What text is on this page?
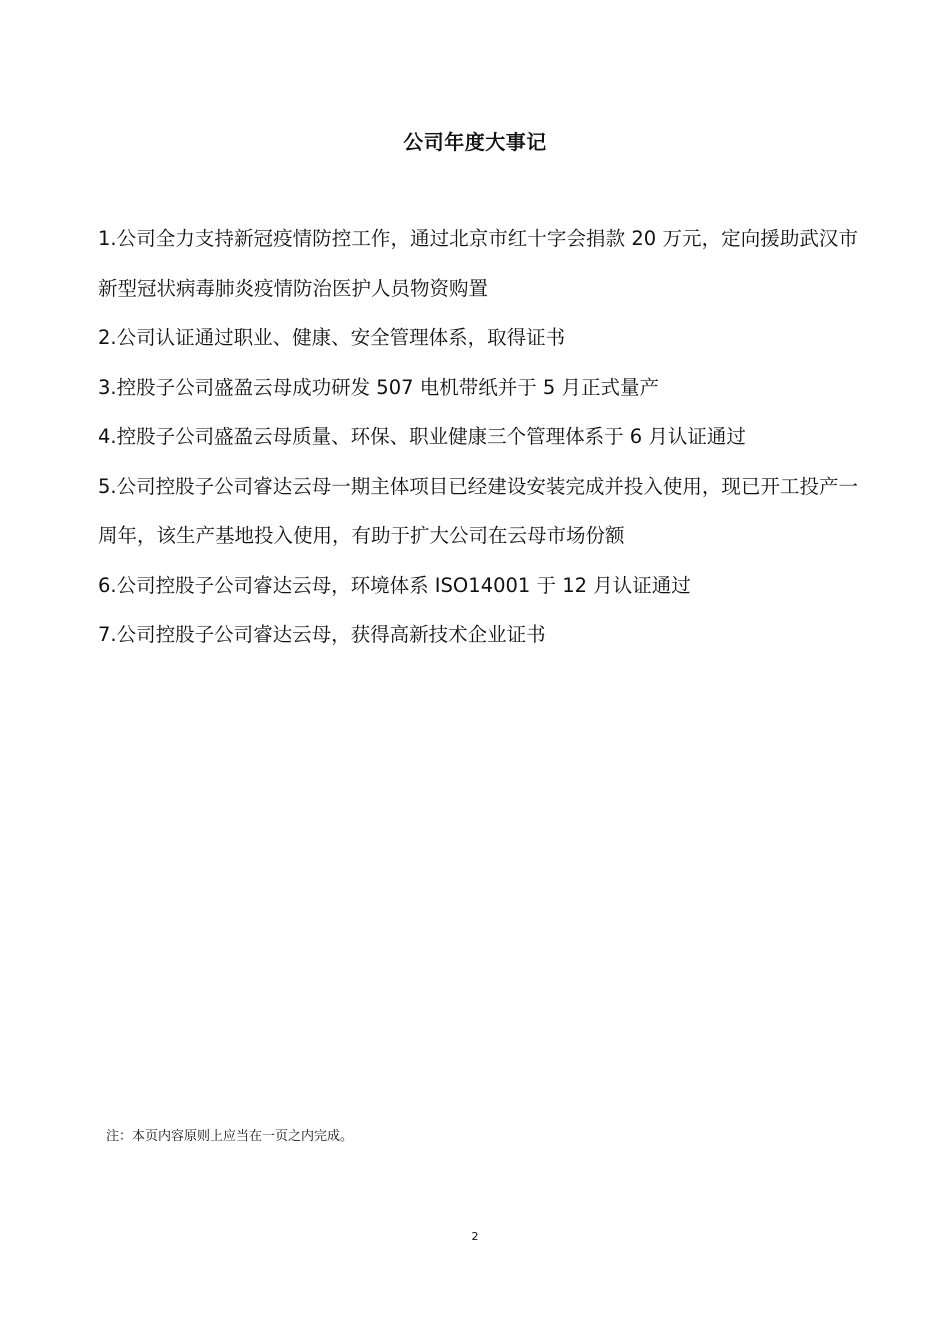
公司年度大事记
1.公司全力支持新冠疫情防控工作，通过北京市红十字会捐款 20 万元，定向援助武汉市新型冠状病毒肺炎疫情防治医护人员物资购置
2.公司认证通过职业、健康、安全管理体系，取得证书
3.控股子公司盛盈云母成功研发 507 电机带纸并于 5 月正式量产
4.控股子公司盛盈云母质量、环保、职业健康三个管理体系于 6 月认证通过
5.公司控股子公司睿达云母一期主体项目已经建设安装完成并投入使用，现已开工投产一周年，该生产基地投入使用，有助于扩大公司在云母市场份额
6.公司控股子公司睿达云母，环境体系 ISO14001 于 12 月认证通过
7.公司控股子公司睿达云母，获得高新技术企业证书
注：本页内容原则上应当在一页之内完成。
2
